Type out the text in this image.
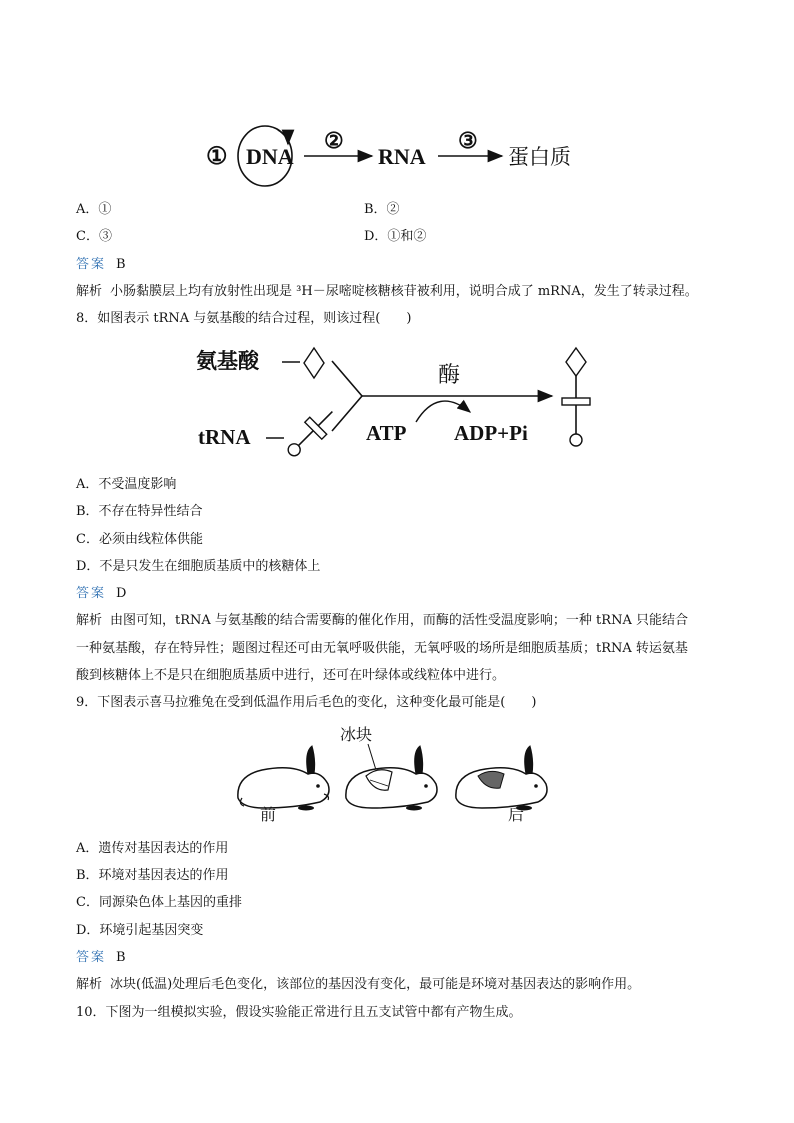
① DNA
②
RNA
③
蛋白质
A．①	B．②
C．③	D．①和②
答案 B
解析 小肠黏膜层上均有放射性出现是 ³H－尿嘧啶核糖核苷被利用，说明合成了 mRNA，发生了转录过程。
8．如图表示 tRNA 与氨基酸的结合过程，则该过程(　　)
氨基酸
tRNA
酶
ATP ADP+Pi
A．不受温度影响
B．不存在特异性结合
C．必须由线粒体供能
D．不是只发生在细胞质基质中的核糖体上
答案 D
解析 由图可知，tRNA 与氨基酸的结合需要酶的催化作用，而酶的活性受温度影响；一种 tRNA 只能结合
一种氨基酸，存在特异性；题图过程还可由无氧呼吸供能，无氧呼吸的场所是细胞质基质；tRNA 转运氨基
酸到核糖体上不是只在细胞质基质中进行，还可在叶绿体或线粒体中进行。
9．下图表示喜马拉雅兔在受到低温作用后毛色的变化，这种变化最可能是(　　)
冰块
前	后
A．遗传对基因表达的作用
B．环境对基因表达的作用
C．同源染色体上基因的重排
D．环境引起基因突变
答案 B
解析 冰块(低温)处理后毛色变化，该部位的基因没有变化，最可能是环境对基因表达的影响作用。
10．下图为一组模拟实验，假设实验能正常进行且五支试管中都有产物生成。
